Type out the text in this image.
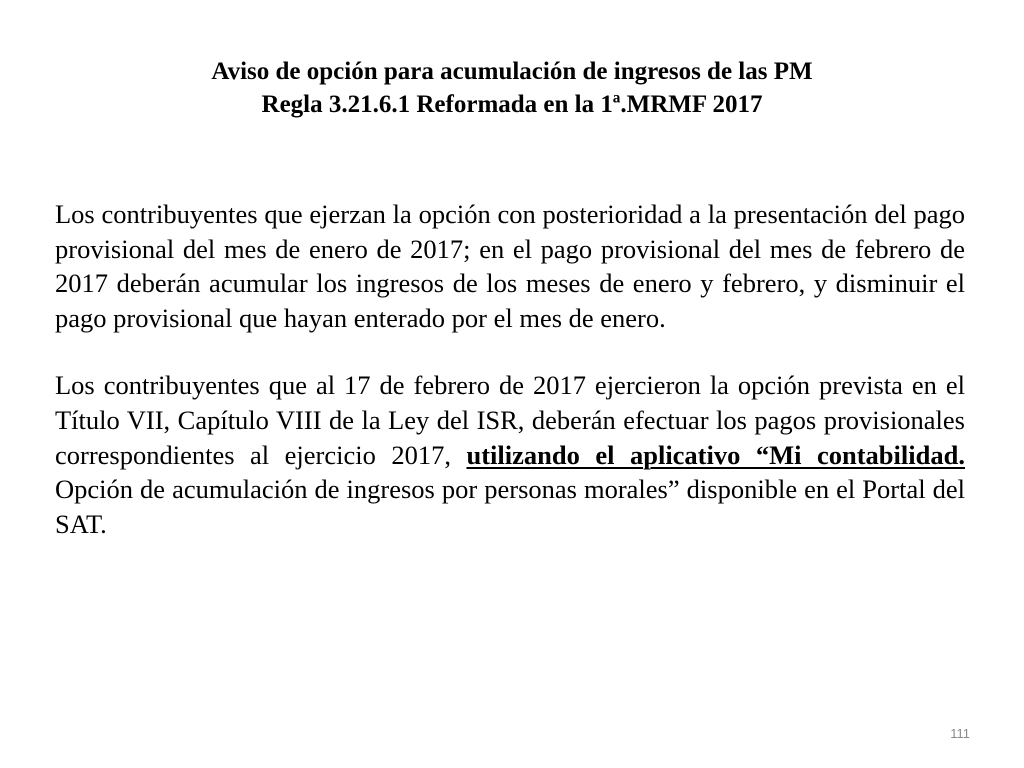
Aviso de opción para acumulación de ingresos de las PM
Regla 3.21.6.1 Reformada en la 1ª.MRMF 2017

Los contribuyentes que ejerzan la opción con posterioridad a la presentación del pago provisional del mes de enero de 2017; en el pago provisional del mes de febrero de 2017 deberán acumular los ingresos de los meses de enero y febrero, y disminuir el pago provisional que hayan enterado por el mes de enero.

Los contribuyentes que al 17 de febrero de 2017 ejercieron la opción prevista en el Título VII, Capítulo VIII de la Ley del ISR, deberán efectuar los pagos provisionales correspondientes al ejercicio 2017, utilizando el aplicativo “Mi contabilidad. Opción de acumulación de ingresos por personas morales” disponible en el Portal del SAT.

111
